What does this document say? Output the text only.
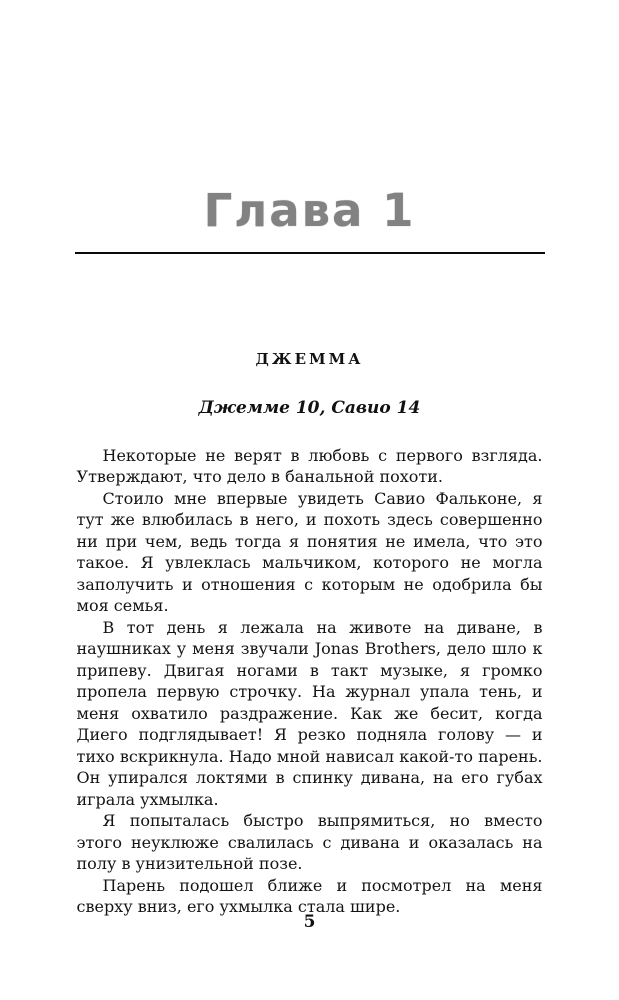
Глава 1
ДЖЕММА
Джемме 10, Савио 14

Некоторые не верят в любовь с первого взгляда. Утверждают, что дело в банальной похоти.

Стоило мне впервые увидеть Савио Фальконе, я тут же влюбилась в него, и похоть здесь совершенно ни при чем, ведь тогда я понятия не имела, что это такое. Я увлеклась мальчиком, которого не могла заполучить и отношения с которым не одобрила бы моя семья.

В тот день я лежала на животе на диване, в наушниках у меня звучали Jonas Brothers, дело шло к припеву. Двигая ногами в такт музыке, я громко пропела первую строчку. На журнал упала тень, и меня охватило раздражение. Как же бесит, когда Диего подглядывает! Я резко подняла голову — и тихо вскрикнула. Надо мной нависал какой-то парень. Он упирался локтями в спинку дивана, на его губах играла ухмылка.

Я попыталась быстро выпрямиться, но вместо этого неуклюже свалилась с дивана и оказалась на полу в унизительной позе.

Парень подошел ближе и посмотрел на меня сверху вниз, его ухмылка стала шире.

5
